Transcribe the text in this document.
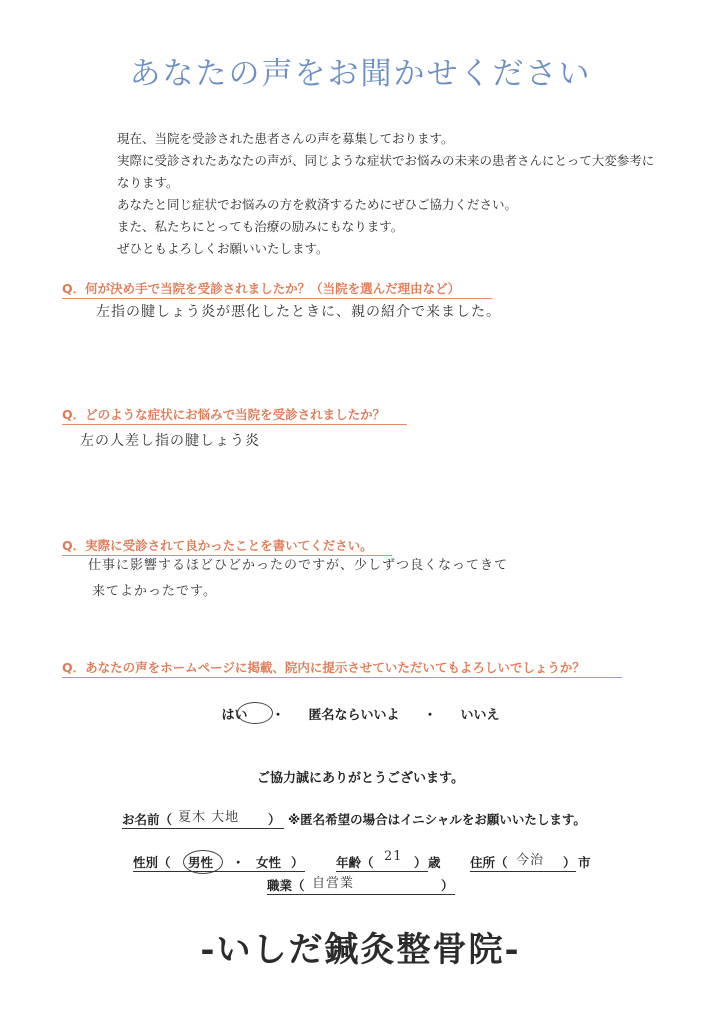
あなたの声をお聞かせください
現在、当院を受診された患者さんの声を募集しております。
実際に受診されたあなたの声が、同じような症状でお悩みの未来の患者さんにとって大変参考に
なります。
あなたと同じ症状でお悩みの方を救済するためにぜひご協力ください。
また、私たちにとっても治療の励みにもなります。
ぜひともよろしくお願いいたします。
Q．何が決め手で当院を受診されましたか？（当院を選んだ理由など）
左指の腱しょう炎が悪化したときに、親の紹介で来ました。
Q．どのような症状にお悩みで当院を受診されましたか？
左の人差し指の腱しょう炎
Q．実際に受診されて良かったことを書いてください。
仕事に影響するほどひどかったのですが、少しずつ良くなってきて
来てよかったです。
Q．あなたの声をホームページに掲載、院内に提示させていただいてもよろしいでしょうか？
はい ・ 匿名ならいいよ ・ いいえ
ご協力誠にありがとうございます。
お名前（ 夏木 大地 ） ※匿名希望の場合はイニシャルをお願いいたします。
性別（ 男性 ・ 女性 ）	年齢（ 21 ） 歳 住所（ 今治 ） 市
職業（ 自営業	）
-いしだ鍼灸整骨院-
